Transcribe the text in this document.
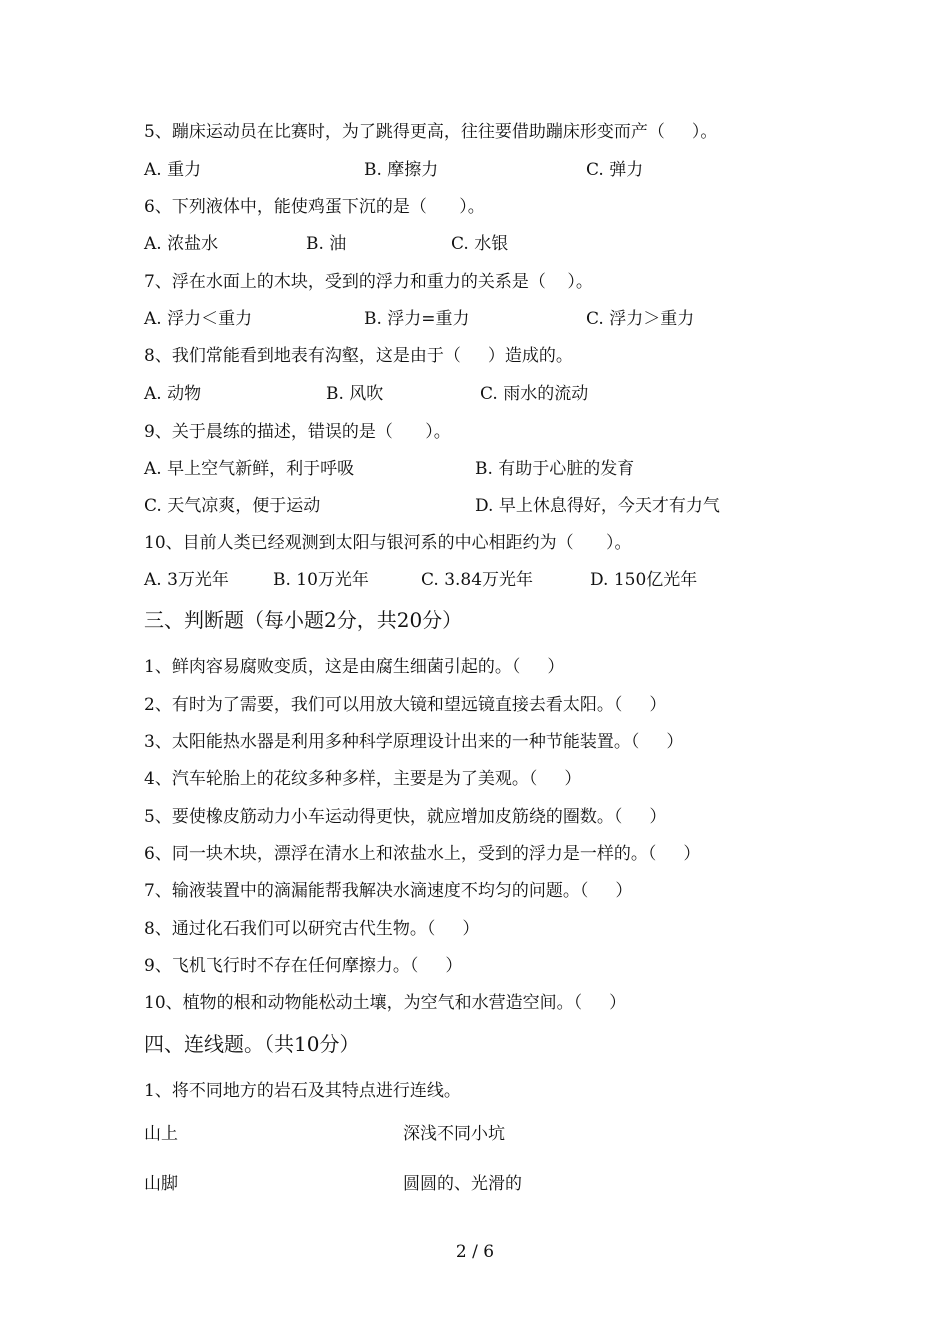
5、蹦床运动员在比赛时，为了跳得更高，往往要借助蹦床形变而产（     ）。
A. 重力	B. 摩擦力	C. 弹力
6、下列液体中，能使鸡蛋下沉的是（      ）。
A. 浓盐水	B. 油	C. 水银
7、浮在水面上的木块，受到的浮力和重力的关系是（    ）。
A. 浮力＜重力	B. 浮力=重力	C. 浮力＞重力
8、我们常能看到地表有沟壑，这是由于（     ）造成的。
A. 动物	B. 风吹	C. 雨水的流动
9、关于晨练的描述，错误的是（      ）。
A. 早上空气新鲜，利于呼吸	B. 有助于心脏的发育
C. 天气凉爽，便于运动	D. 早上休息得好，今天才有力气
10、目前人类已经观测到太阳与银河系的中心相距约为（      ）。
A. 3万光年	B. 10万光年	C. 3.84万光年	D. 150亿光年
三、判断题（每小题2分，共20分）
1、鲜肉容易腐败变质，这是由腐生细菌引起的。（     ）
2、有时为了需要，我们可以用放大镜和望远镜直接去看太阳。（     ）
3、太阳能热水器是利用多种科学原理设计出来的一种节能装置。（     ）
4、汽车轮胎上的花纹多种多样，主要是为了美观。（     ）
5、要使橡皮筋动力小车运动得更快，就应增加皮筋绕的圈数。（     ）
6、同一块木块，漂浮在清水上和浓盐水上，受到的浮力是一样的。（     ）
7、输液装置中的滴漏能帮我解决水滴速度不均匀的问题。（     ）
8、通过化石我们可以研究古代生物。（     ）
9、飞机飞行时不存在任何摩擦力。（     ）
10、植物的根和动物能松动土壤，为空气和水营造空间。（     ）
四、连线题。（共10分）
1、将不同地方的岩石及其特点进行连线。
山上	深浅不同小坑
山脚	圆圆的、光滑的
2 / 6
